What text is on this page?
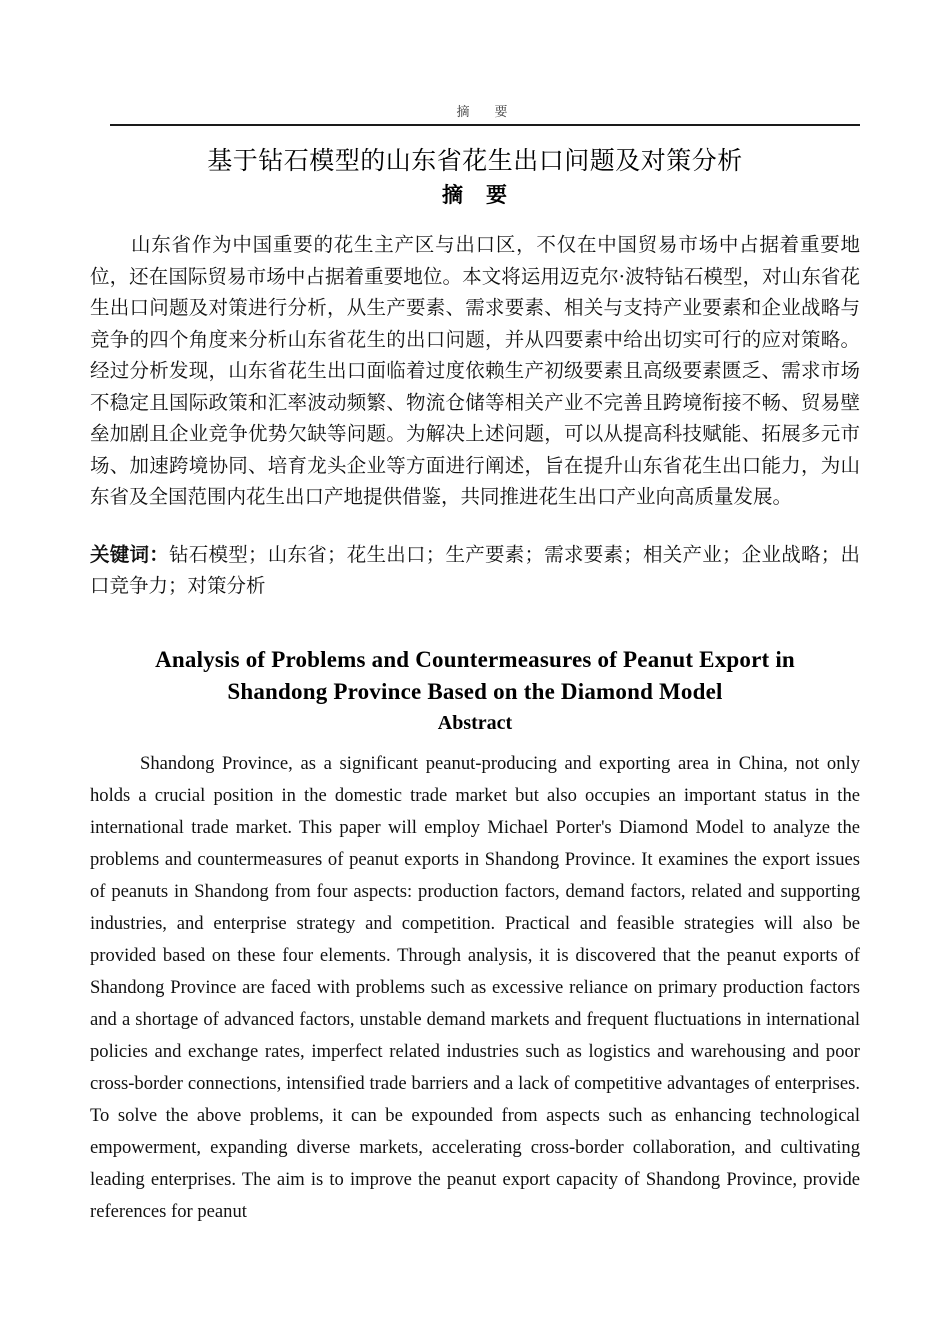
摘　要
基于钻石模型的山东省花生出口问题及对策分析
摘　要

山东省作为中国重要的花生主产区与出口区，不仅在中国贸易市场中占据着重要地位，还在国际贸易市场中占据着重要地位。本文将运用迈克尔·波特钻石模型，对山东省花生出口问题及对策进行分析，从生产要素、需求要素、相关与支持产业要素和企业战略与竞争的四个角度来分析山东省花生的出口问题，并从四要素中给出切实可行的应对策略。经过分析发现，山东省花生出口面临着过度依赖生产初级要素且高级要素匮乏、需求市场不稳定且国际政策和汇率波动频繁、物流仓储等相关产业不完善且跨境衔接不畅、贸易壁垒加剧且企业竞争优势欠缺等问题。为解决上述问题，可以从提高科技赋能、拓展多元市场、加速跨境协同、培育龙头企业等方面进行阐述，旨在提升山东省花生出口能力，为山东省及全国范围内花生出口产地提供借鉴，共同推进花生出口产业向高质量发展。

关键词：钻石模型；山东省；花生出口；生产要素；需求要素；相关产业；企业战略；出口竞争力；对策分析

Analysis of Problems and Countermeasures of Peanut Export in
Shandong Province Based on the Diamond Model
Abstract

Shandong Province, as a significant peanut-producing and exporting area in China, not only holds a crucial position in the domestic trade market but also occupies an important status in the international trade market. This paper will employ Michael Porter's Diamond Model to analyze the problems and countermeasures of peanut exports in Shandong Province. It examines the export issues of peanuts in Shandong from four aspects: production factors, demand factors, related and supporting industries, and enterprise strategy and competition. Practical and feasible strategies will also be provided based on these four elements. Through analysis, it is discovered that the peanut exports of Shandong Province are faced with problems such as excessive reliance on primary production factors and a shortage of advanced factors, unstable demand markets and frequent fluctuations in international policies and exchange rates, imperfect related industries such as logistics and warehousing and poor cross-border connections, intensified trade barriers and a lack of competitive advantages of enterprises. To solve the above problems, it can be expounded from aspects such as enhancing technological empowerment, expanding diverse markets, accelerating cross-border collaboration, and cultivating leading enterprises. The aim is to improve the peanut export capacity of Shandong Province, provide references for peanut
